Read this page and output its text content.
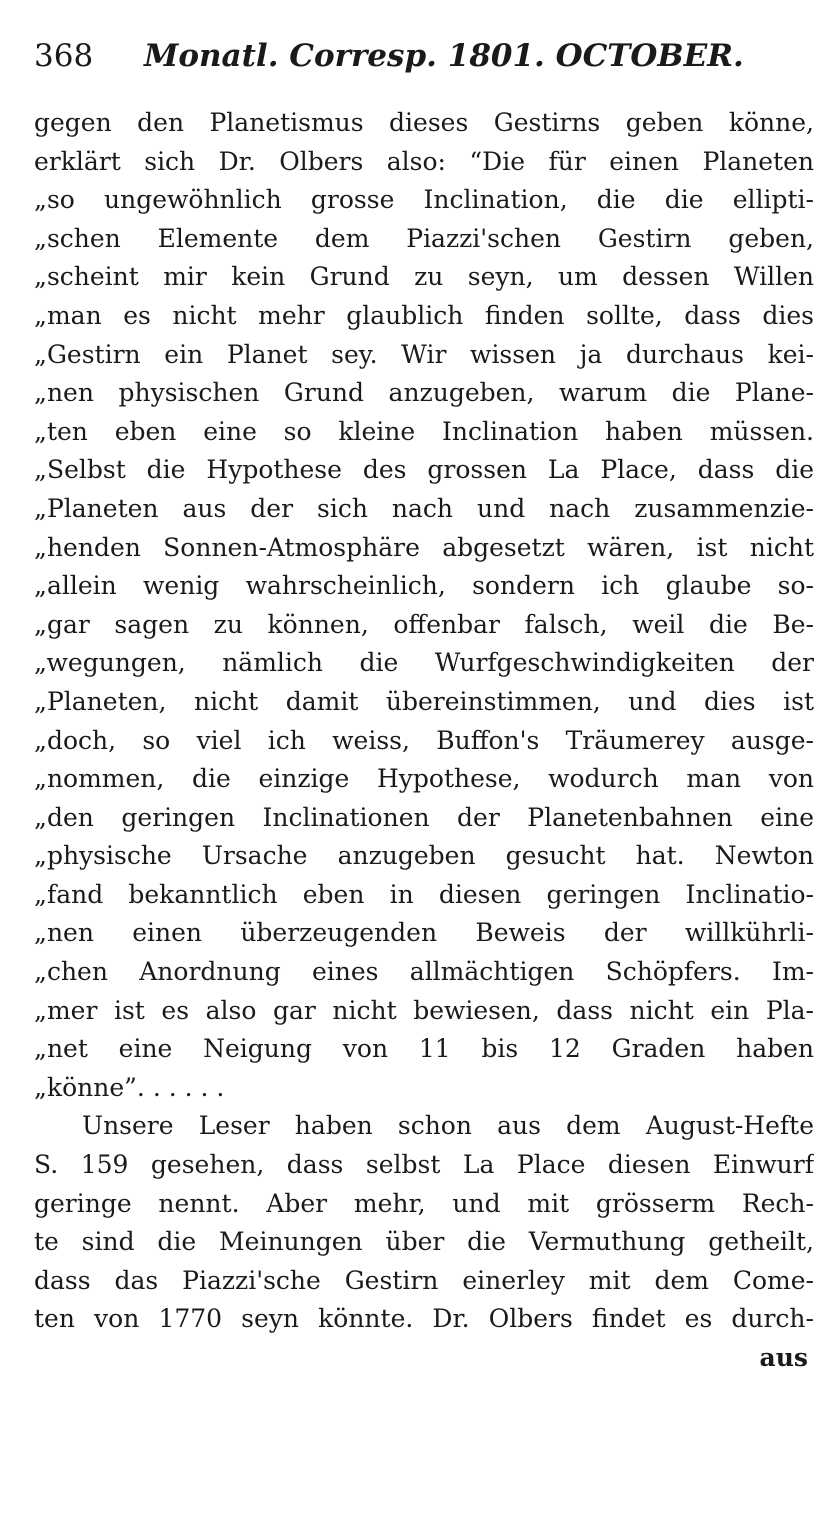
368	Monatl. Corresp. 1801. OCTOBER.
gegen den Planetismus dieses Gestirns geben könne,
erklärt sich Dr. Olbers also: “Die für einen Planeten
„so ungewöhnlich grosse Inclination, die die ellipti-
„schen Elemente dem Piazzi'schen Gestirn geben,
„scheint mir kein Grund zu seyn, um dessen Willen
„man es nicht mehr glaublich finden sollte, dass dies
„Gestirn ein Planet sey. Wir wissen ja durchaus kei-
„nen physischen Grund anzugeben, warum die Plane-
„ten eben eine so kleine Inclination haben müssen.
„Selbst die Hypothese des grossen La Place, dass die
„Planeten aus der sich nach und nach zusammenzie-
„henden Sonnen-Atmosphäre abgesetzt wären, ist nicht
„allein wenig wahrscheinlich, sondern ich glaube so-
„gar sagen zu können, offenbar falsch, weil die Be-
„wegungen, nämlich die Wurfgeschwindigkeiten der
„Planeten, nicht damit übereinstimmen, und dies ist
„doch, so viel ich weiss, Buffon's Träumerey ausge-
„nommen, die einzige Hypothese, wodurch man von
„den geringen Inclinationen der Planetenbahnen eine
„physische Ursache anzugeben gesucht hat. Newton
„fand bekanntlich eben in diesen geringen Inclinatio-
„nen einen überzeugenden Beweis der willkührli-
„chen Anordnung eines allmächtigen Schöpfers. Im-
„mer ist es also gar nicht bewiesen, dass nicht ein Pla-
„net eine Neigung von 11 bis 12 Graden haben
„könne”. . . . . .
Unsere Leser haben schon aus dem August-Hefte
S. 159 gesehen, dass selbst La Place diesen Einwurf
geringe nennt. Aber mehr, und mit grösserm Rech-
te sind die Meinungen über die Vermuthung getheilt,
dass das Piazzi'sche Gestirn einerley mit dem Come-
ten von 1770 seyn könnte. Dr. Olbers findet es durch-
aus
